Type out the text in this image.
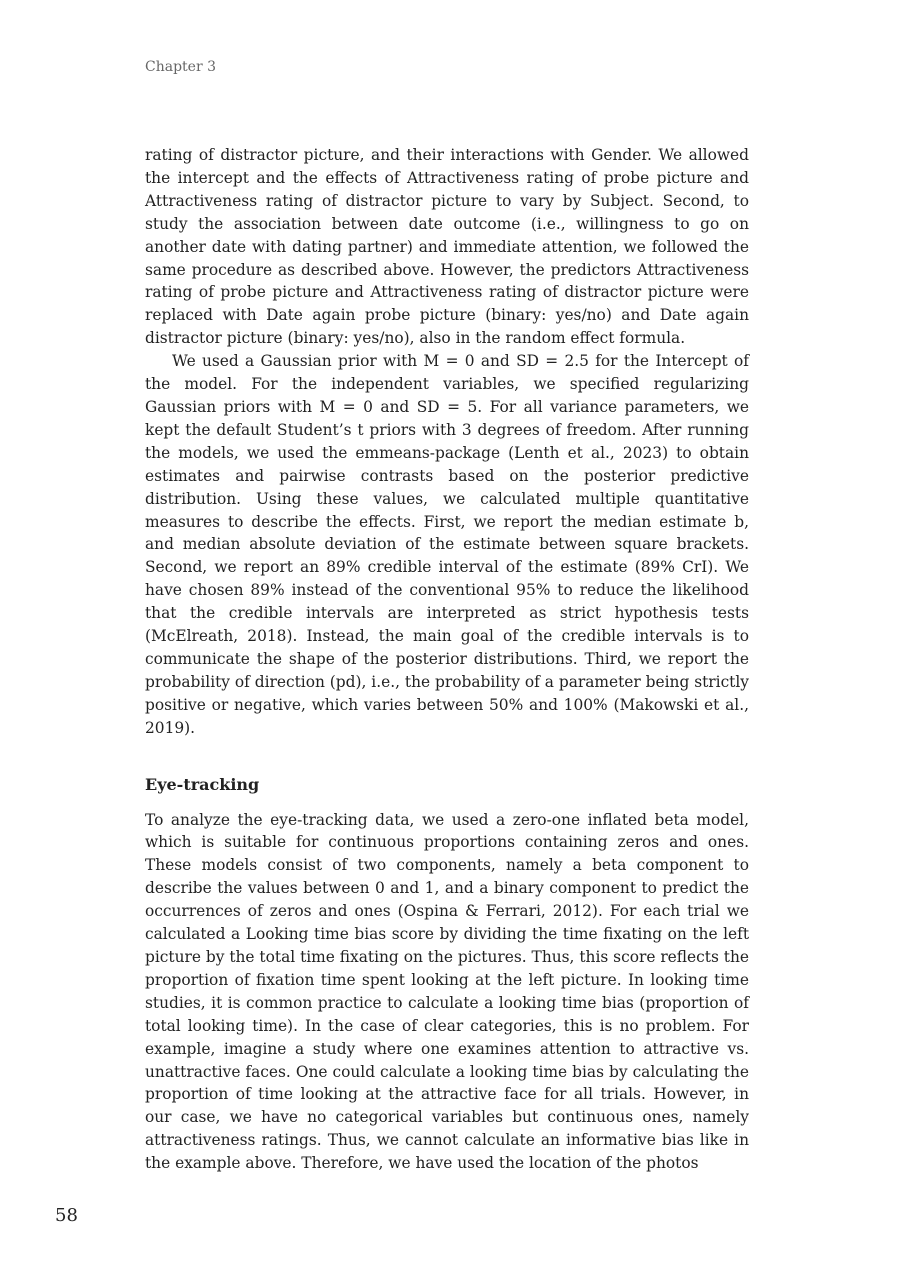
Chapter 3

rating of distractor picture, and their interactions with Gender. We allowed the intercept and the effects of Attractiveness rating of probe picture and Attractiveness rating of distractor picture to vary by Subject. Second, to study the association between date outcome (i.e., willingness to go on another date with dating partner) and immediate attention, we followed the same procedure as described above. However, the predictors Attractiveness rating of probe picture and Attractiveness rating of distractor picture were replaced with Date again probe picture (binary: yes/no) and Date again distractor picture (binary: yes/no), also in the random effect formula.

We used a Gaussian prior with M = 0 and SD = 2.5 for the Intercept of the model. For the independent variables, we specified regularizing Gaussian priors with M = 0 and SD = 5. For all variance parameters, we kept the default Student’s t priors with 3 degrees of freedom. After running the models, we used the emmeans-package (Lenth et al., 2023) to obtain estimates and pairwise contrasts based on the posterior predictive distribution. Using these values, we calculated multiple quantitative measures to describe the effects. First, we report the median estimate b, and median absolute deviation of the estimate between square brackets. Second, we report an 89% credible interval of the estimate (89% CrI). We have chosen 89% instead of the conventional 95% to reduce the likelihood that the credible intervals are interpreted as strict hypothesis tests (McElreath, 2018). Instead, the main goal of the credible intervals is to communicate the shape of the posterior distributions. Third, we report the probability of direction (pd), i.e., the probability of a parameter being strictly positive or negative, which varies between 50% and 100% (Makowski et al., 2019).

Eye-tracking

To analyze the eye-tracking data, we used a zero-one inflated beta model, which is suitable for continuous proportions containing zeros and ones. These models consist of two components, namely a beta component to describe the values between 0 and 1, and a binary component to predict the occurrences of zeros and ones (Ospina & Ferrari, 2012). For each trial we calculated a Looking time bias score by dividing the time fixating on the left picture by the total time fixating on the pictures. Thus, this score reflects the proportion of fixation time spent looking at the left picture. In looking time studies, it is common practice to calculate a looking time bias (proportion of total looking time). In the case of clear categories, this is no problem. For example, imagine a study where one examines attention to attractive vs. unattractive faces. One could calculate a looking time bias by calculating the proportion of time looking at the attractive face for all trials. However, in our case, we have no categorical variables but continuous ones, namely attractiveness ratings. Thus, we cannot calculate an informative bias like in the example above. Therefore, we have used the location of the photos

58
